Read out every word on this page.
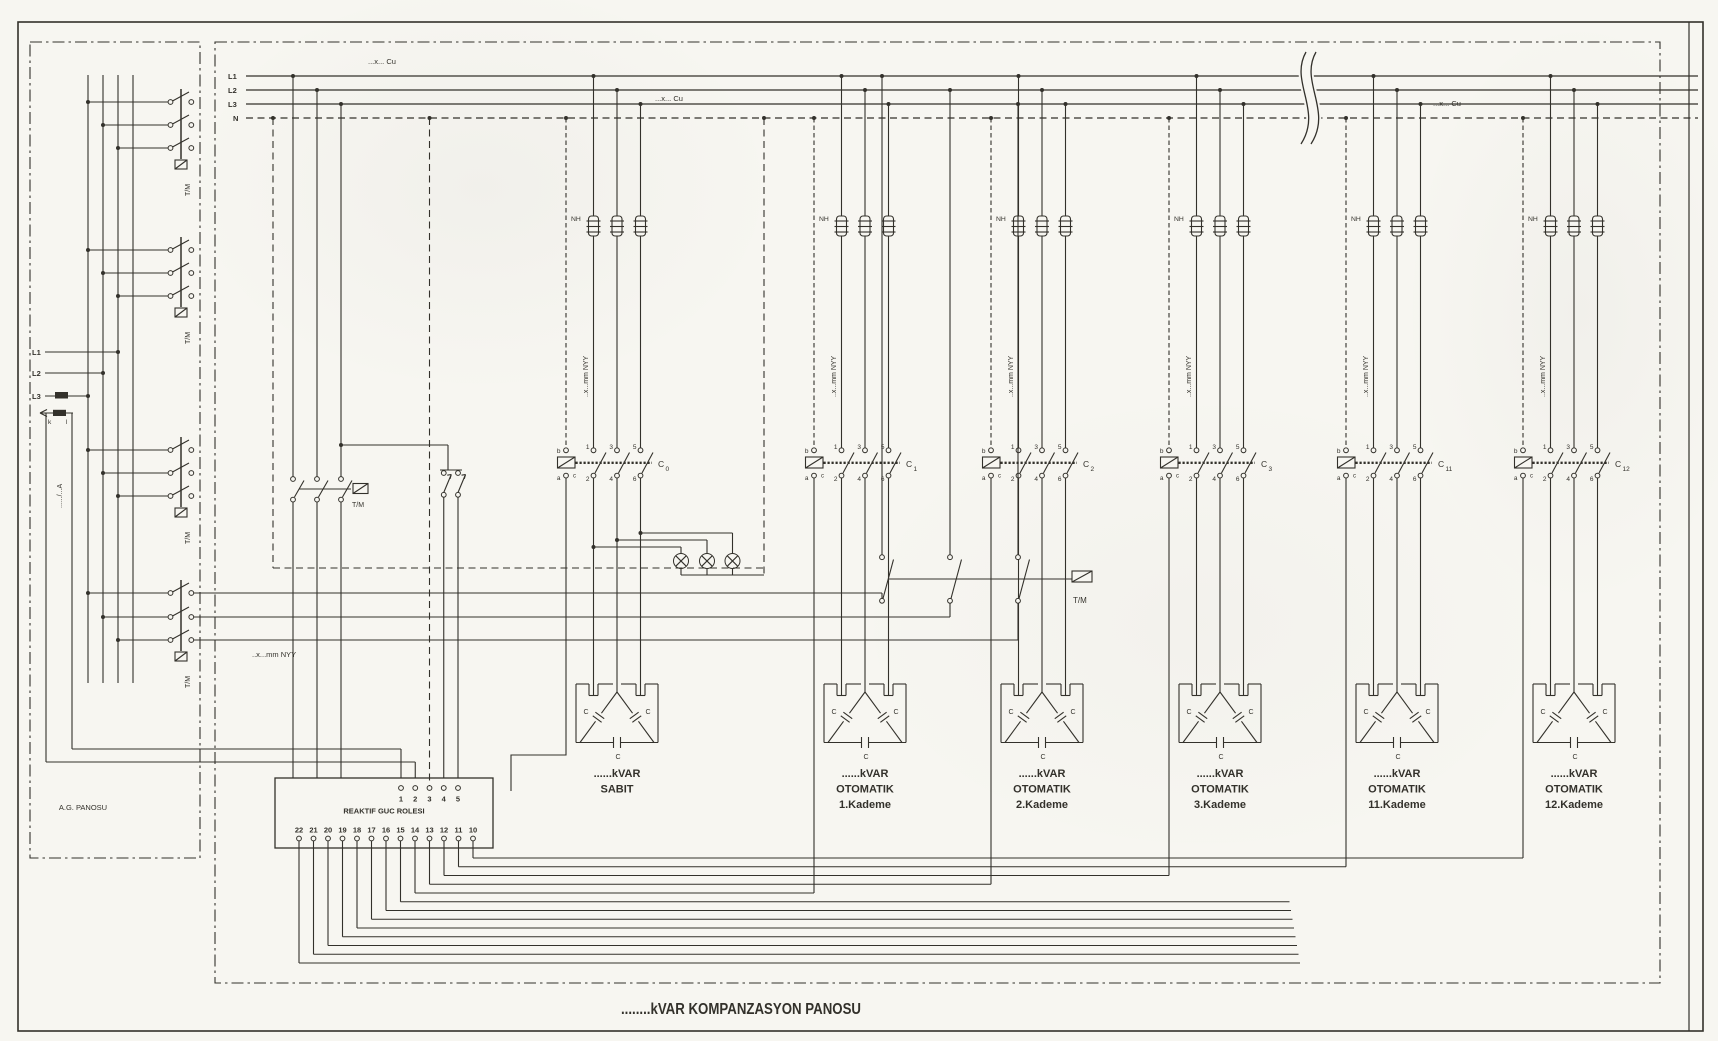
L1
L2
L3
N
...x... Cu
...x... Cu
...x... Cu
NH
..x...mm NYY
1
2
3
4
5
6
b
a c
C
0
C	C
C
......kVAR
SABIT
NH
..x...mm NYY
1
2
3
4
5
6
b
a c
C
1
C	C
C
......kVAR
OTOMATIK
1.Kademe
NH
..x...mm NYY
1
2
3
4
5
6
b
a c
C
2
C	C
C
......kVAR
OTOMATIK
2.Kademe
NH
..x...mm NYY
1
2
3
4
5
6
b
a c
C
3
C	C
C
......kVAR
OTOMATIK
3.Kademe
NH
..x...mm NYY
1
2
3
4
5
6
b
a c
C
11
C	C
C
......kVAR
OTOMATIK
11.Kademe
NH
..x...mm NYY
1
2
3
4
5
6
b
a c
C
12
C	C
C
......kVAR
OTOMATIK
12.Kademe
T/M
..x...mm NYY
T/M
T/M
T/M
T/M
T/M
L1
L2
L3
k l
....../...A
A.G. PANOSU
1 2 3 4 5
REAKTIF GUC ROLESI
22 21 20 19 18 17 16 15 14 13 12 11 10
........kVAR KOMPANZASYON PANOSU
